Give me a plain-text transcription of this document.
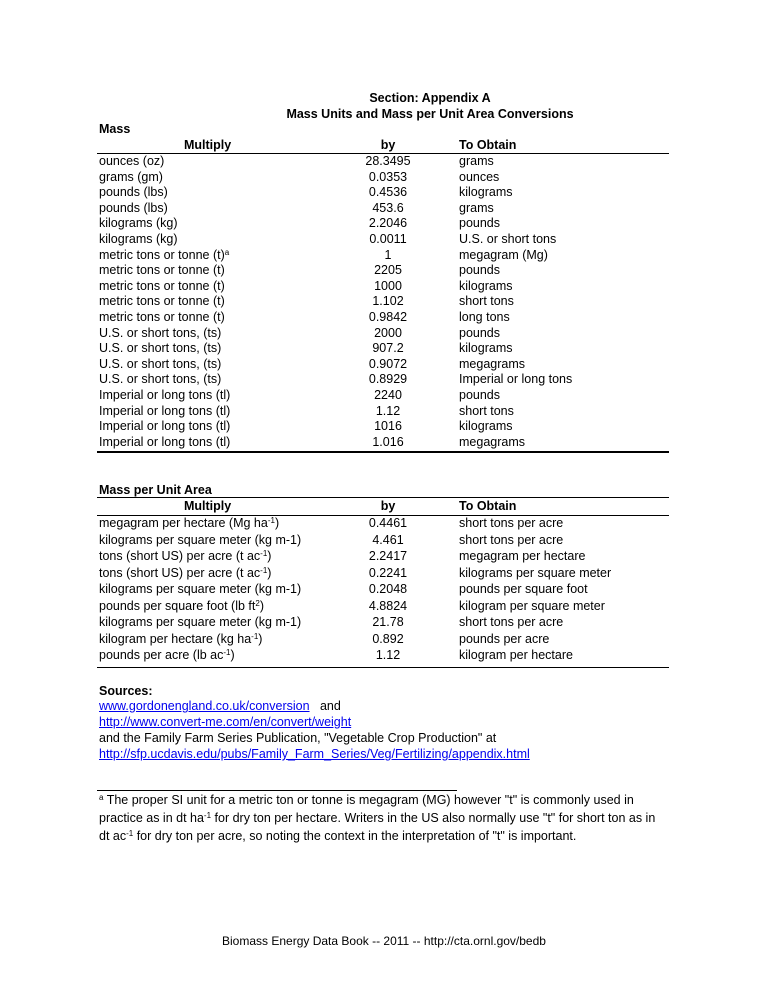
Section: Appendix A
Mass Units and Mass per Unit Area Conversions
Mass
Multiply	by	To Obtain
ounces (oz)	28.3495	grams
grams (gm)	0.0353	ounces
pounds (lbs)	0.4536	kilograms
pounds (lbs)	453.6	grams
kilograms (kg)	2.2046	pounds
kilograms (kg)	0.0011	U.S. or short tons
metric tons or tonne $(t)^a$	1	megagram (Mg)
metric tons or tonne (t)	2205	pounds
metric tons or tonne (t)	1000	kilograms
metric tons or tonne (t)	1.102	short tons
metric tons or tonne (t)	0.9842	long tons
U.S. or short tons, (ts)	2000	pounds
U.S. or short tons, (ts)	907.2	kilograms
U.S. or short tons, (ts)	0.9072	megagrams
U.S. or short tons, (ts)	0.8929	Imperial or long tons
Imperial or long tons (tl)	2240	pounds
Imperial or long tons (tl)	1.12	short tons
Imperial or long tons (tl)	1016	kilograms
Imperial or long tons (tl)	1.016	megagrams
Mass per Unit Area
Multiply	by	To Obtain
megagram per hectare (Mg $ha^{-1}$)	0.4461	short tons per acre
kilograms per square meter (kg m-1)	4.461	short tons per acre
tons (short US) per acre (t $ac^{-1}$)	2.2417	megagram per hectare
tons (short US) per acre (t $ac^{-1}$)	0.2241	kilograms per square meter
kilograms per square meter (kg m-1)	0.2048	pounds per square foot
pounds per square foot (lb $ft^2$)	4.8824	kilogram per square meter
kilograms per square meter (kg m-1)	21.78	short tons per acre
kilogram per hectare (kg $ha^{-1}$)	0.892	pounds per acre
pounds per acre (lb $ac^{-1}$)	1.12	kilogram per hectare
Sources:
www.gordonengland.co.uk/conversion and
http://www.convert-me.com/en/convert/weight
and the Family Farm Series Publication, "Vegetable Crop Production" at
http://sfp.ucdavis.edu/pubs/Family_Farm_Series/Veg/Fertilizing/appendix.html
$^a$ The proper SI unit for a metric ton or tonne is megagram (MG) however "t" is commonly used in practice as in dt $ha^{-1}$ for dry ton per hectare. Writers in the US also normally use "t" for short ton as in dt $ac^{-1}$ for dry ton per acre, so noting the context in the interpretation of "t" is important.
Biomass Energy Data Book -- 2011 -- http://cta.ornl.gov/bedb
